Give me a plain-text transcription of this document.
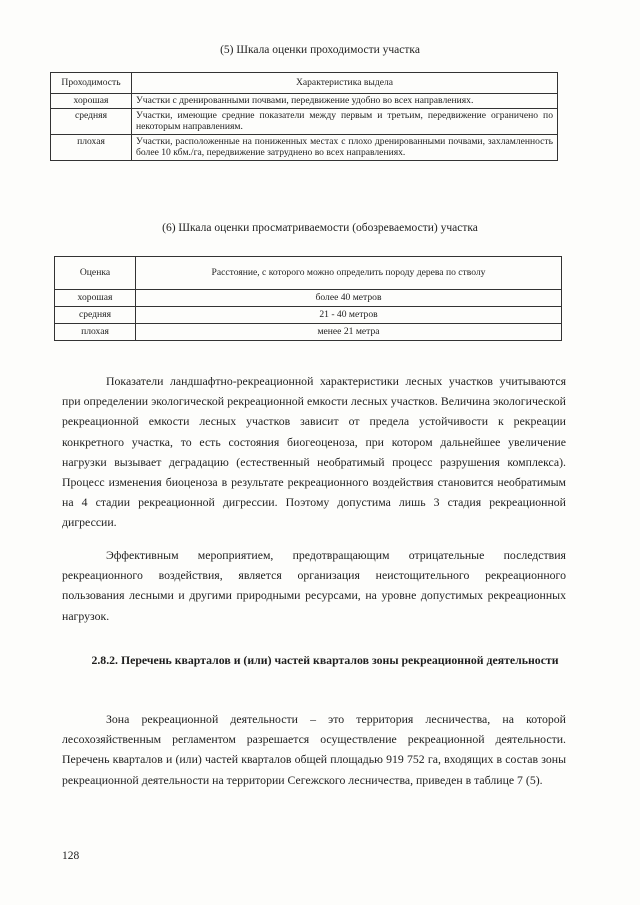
(5) Шкала оценки проходимости участка
Проходимость	Характеристика выдела
хорошая	Участки с дренированными почвами, передвижение удобно во всех направлениях.
средняя	Участки, имеющие средние показатели между первым и третьим, передвижение ограничено по некоторым направлениям.
плохая	Участки, расположенные на пониженных местах с плохо дренированными почвами, захламленность более 10 кбм./га, передвижение затруднено во всех направлениях.
(6) Шкала оценки просматриваемости (обозреваемости) участка
Оценка	Расстояние, с которого можно определить породу дерева по стволу
хорошая	более 40 метров
средняя	21 - 40 метров
плохая	менее 21 метра

Показатели ландшафтно-рекреационной характеристики лесных участков учитываются при определении экологической рекреационной емкости лесных участков. Величина экологической рекреационной емкости лесных участков зависит от предела устойчивости к рекреации конкретного участка, то есть состояния биогеоценоза, при котором дальнейшее увеличение нагрузки вызывает деградацию (естественный необратимый процесс разрушения комплекса). Процесс изменения биоценоза в результате рекреационного воздействия становится необратимым на 4 стадии рекреационной дигрессии. Поэтому допустима лишь 3 стадия рекреационной дигрессии.

Эффективным мероприятием, предотвращающим отрицательные последствия рекреационного воздействия, является организация неистощительного рекреационного пользования лесными и другими природными ресурсами, на уровне допустимых рекреационных нагрузок.

2.8.2. Перечень кварталов и (или) частей кварталов зоны рекреационной деятельности

Зона рекреационной деятельности – это территория лесничества, на которой лесохозяйственным регламентом разрешается осуществление рекреационной деятельности. Перечень кварталов и (или) частей кварталов общей площадью 919 752 га, входящих в состав зоны рекреационной деятельности на территории Сегежского лесничества, приведен в таблице 7 (5).

128
